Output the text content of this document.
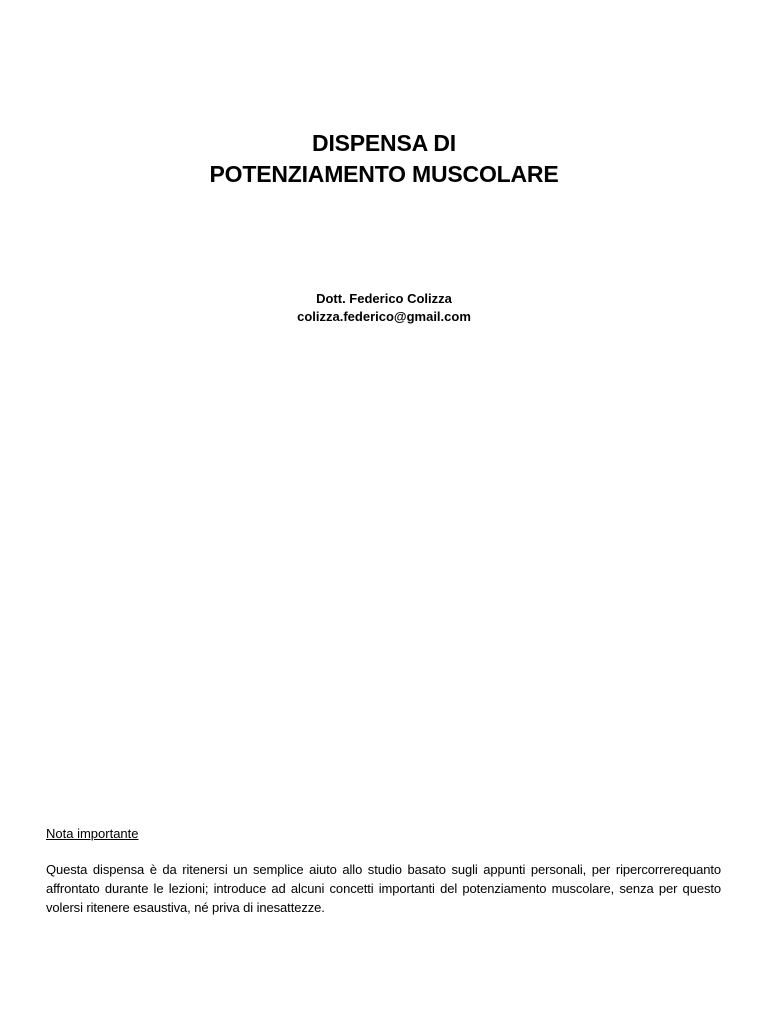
DISPENSA DI
POTENZIAMENTO MUSCOLARE
Dott. Federico Colizza
colizza.federico@gmail.com
Nota importante
Questa dispensa è da ritenersi un semplice aiuto allo studio basato sugli appunti personali, per ripercorrerequanto affrontato durante le lezioni; introduce ad alcuni concetti importanti del potenziamento muscolare, senza per questo volersi ritenere esaustiva, né priva di inesattezze.
